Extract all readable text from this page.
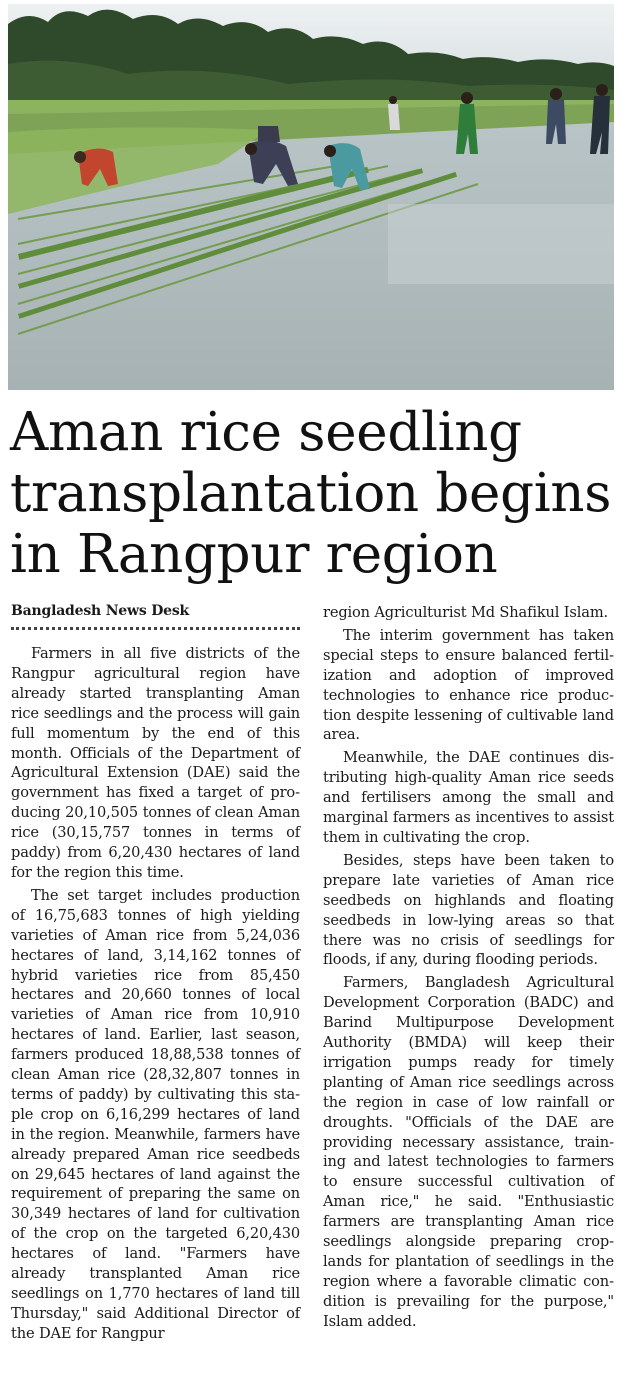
Aman rice seedling
transplantation begins
in Rangpur region
Bangladesh News Desk

Farmers in all five districts of the Rangpur agricultural region have already started transplanting Aman rice seedlings and the process will gain full momentum by the end of this month. Officials of the Department of Agricultural Extension (DAE) said the government has fixed a target of producing 20,10,505 tonnes of clean Aman rice (30,15,757 tonnes in terms of paddy) from 6,20,430 hectares of land for the region this time.

The set target includes production of 16,75,683 tonnes of high yielding varieties of Aman rice from 5,24,036 hectares of land, 3,14,162 tonnes of hybrid varieties rice from 85,450 hectares and 20,660 tonnes of local varieties of Aman rice from 10,910 hectares of land. Earlier, last season, farmers produced 18,88,538 tonnes of clean Aman rice (28,32,807 tonnes in terms of paddy) by cultivating this staple crop on 6,16,299 hectares of land in the region. Meanwhile, farmers have already prepared Aman rice seedbeds on 29,645 hectares of land against the requirement of preparing the same on 30,349 hectares of land for cultivation of the crop on the targeted 6,20,430 hectares of land. "Farmers have already transplanted Aman rice seedlings on 1,770 hectares of land till Thursday," said Additional Director of the DAE for Rangpur

region Agriculturist Md Shafikul Islam.

The interim government has taken special steps to ensure balanced fertilization and adoption of improved technologies to enhance rice production despite lessening of cultivable land area.

Meanwhile, the DAE continues distributing high-quality Aman rice seeds and fertilisers among the small and marginal farmers as incentives to assist them in cultivating the crop.

Besides, steps have been taken to prepare late varieties of Aman rice seedbeds on highlands and floating seedbeds in low-lying areas so that there was no crisis of seedlings for floods, if any, during flooding periods.

Farmers, Bangladesh Agricultural Development Corporation (BADC) and Barind Multipurpose Development Authority (BMDA) will keep their irrigation pumps ready for timely planting of Aman rice seedlings across the region in case of low rainfall or droughts. "Officials of the DAE are providing necessary assistance, training and latest technologies to farmers to ensure successful cultivation of Aman rice," he said. "Enthusiastic farmers are transplanting Aman rice seedlings alongside preparing croplands for plantation of seedlings in the region where a favorable climatic condition is prevailing for the purpose," Islam added.
